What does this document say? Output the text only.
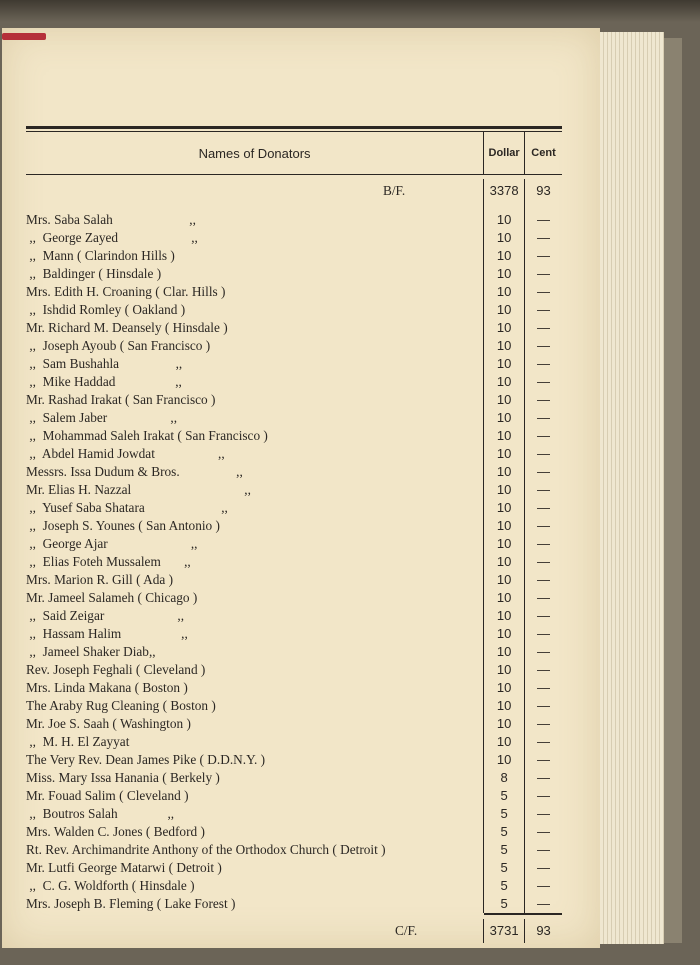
Names of Donators	Dollar	Cent
B/F.	3378	93
Mrs. Saba Salah                       ,,	10	—
,,  George Zayed                      ,,	10	—
,,  Mann ( Clarindon Hills )	10	—
,,  Baldinger ( Hinsdale )	10	—
Mrs. Edith H. Croaning ( Clar. Hills )	10	—
,,  Ishdid Romley ( Oakland )	10	—
Mr. Richard M. Deansely ( Hinsdale )	10	—
,,  Joseph Ayoub ( San Francisco )	10	—
,,  Sam Bushahla                 ,,	10	—
,,  Mike Haddad                  ,,	10	—
Mr. Rashad Irakat ( San Francisco )	10	—
,,  Salem Jaber                   ,,	10	—
,,  Mohammad Saleh Irakat ( San Francisco )	10	—
,,  Abdel Hamid Jowdat                   ,,	10	—
Messrs. Issa Dudum & Bros.                 ,,	10	—
Mr. Elias H. Nazzal                                  ,,	10	—
,,  Yusef Saba Shatara                       ,,	10	—
,,  Joseph S. Younes ( San Antonio )	10	—
,,  George Ajar                         ,,	10	—
,,  Elias Foteh Mussalem       ,,	10	—
Mrs. Marion R. Gill ( Ada )	10	—
Mr. Jameel Salameh ( Chicago )	10	—
,,  Said Zeigar                      ,,	10	—
,,  Hassam Halim                  ,,	10	—
,,  Jameel Shaker Diab,,	10	—
Rev. Joseph Feghali ( Cleveland )	10	—
Mrs. Linda Makana ( Boston )	10	—
The Araby Rug Cleaning ( Boston )	10	—
Mr. Joe S. Saah ( Washington )	10	—
,,  M. H. El Zayyat	10	—
The Very Rev. Dean James Pike ( D.D.N.Y. )	10	—
Miss. Mary Issa Hanania ( Berkely )	8	—
Mr. Fouad Salim ( Cleveland )	5	—
,,  Boutros Salah               ,,	5	—
Mrs. Walden C. Jones ( Bedford )	5	—
Rt. Rev. Archimandrite Anthony of the Orthodox Church ( Detroit )	5	—
Mr. Lutfi George Matarwi ( Detroit )	5	—
,,  C. G. Woldforth ( Hinsdale )	5	—
Mrs. Joseph B. Fleming ( Lake Forest )	5	—
C/F.	3731	93
